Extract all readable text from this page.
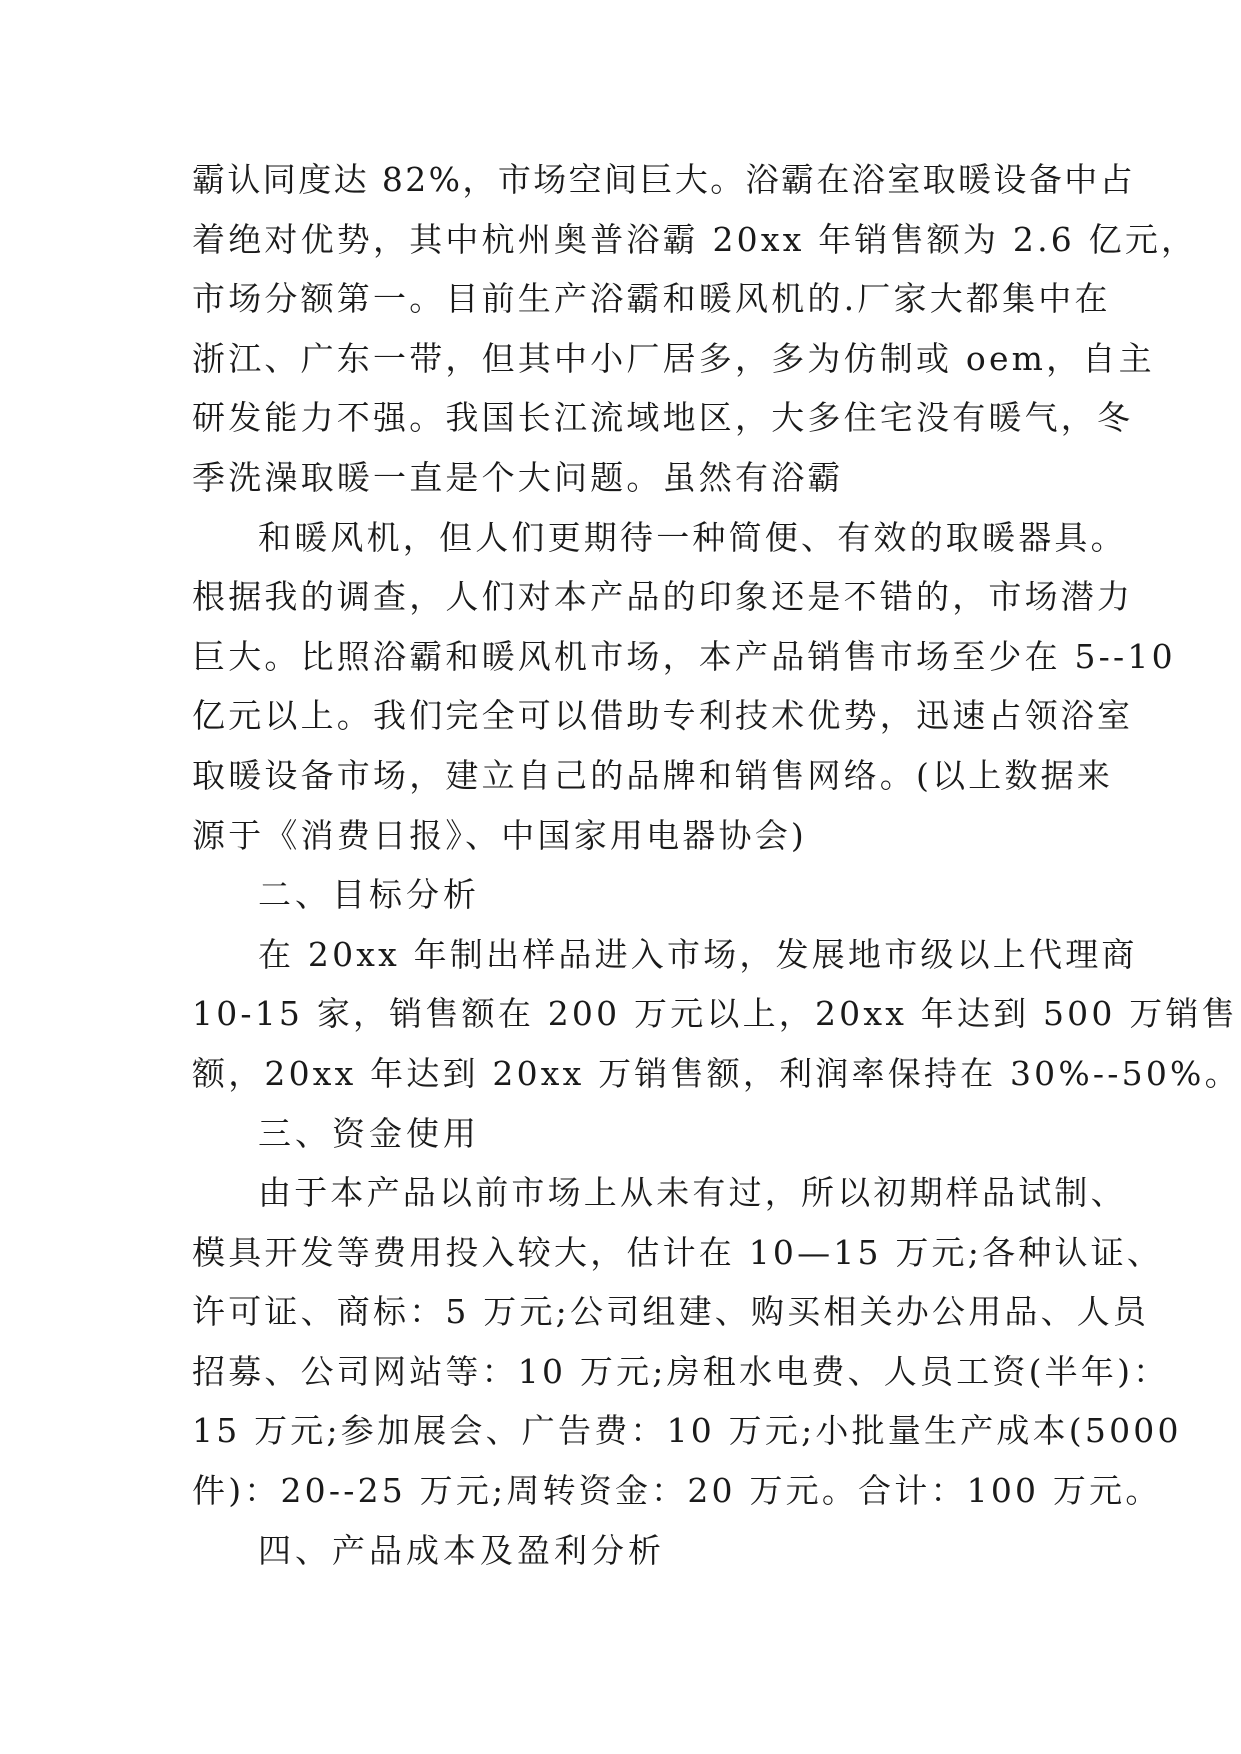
霸认同度达 82%，市场空间巨大。浴霸在浴室取暖设备中占
着绝对优势，其中杭州奥普浴霸 20xx 年销售额为 2.6 亿元，
市场分额第一。目前生产浴霸和暖风机的.厂家大都集中在
浙江、广东一带，但其中小厂居多，多为仿制或 oem，自主
研发能力不强。我国长江流域地区，大多住宅没有暖气，冬
季洗澡取暖一直是个大问题。虽然有浴霸
和暖风机，但人们更期待一种简便、有效的取暖器具。
根据我的调查，人们对本产品的印象还是不错的，市场潜力
巨大。比照浴霸和暖风机市场，本产品销售市场至少在 5--10
亿元以上。我们完全可以借助专利技术优势，迅速占领浴室
取暖设备市场，建立自己的品牌和销售网络。(以上数据来
源于《消费日报》、中国家用电器协会)
二、目标分析
在 20xx 年制出样品进入市场，发展地市级以上代理商
10-15 家，销售额在 200 万元以上，20xx 年达到 500 万销售
额，20xx 年达到 20xx 万销售额，利润率保持在 30%--50%。
三、资金使用
由于本产品以前市场上从未有过，所以初期样品试制、
模具开发等费用投入较大，估计在 10—15 万元;各种认证、
许可证、商标：5 万元;公司组建、购买相关办公用品、人员
招募、公司网站等：10 万元;房租水电费、人员工资(半年)：
15 万元;参加展会、广告费：10 万元;小批量生产成本(5000
件)：20--25 万元;周转资金：20 万元。合计：100 万元。
四、产品成本及盈利分析
